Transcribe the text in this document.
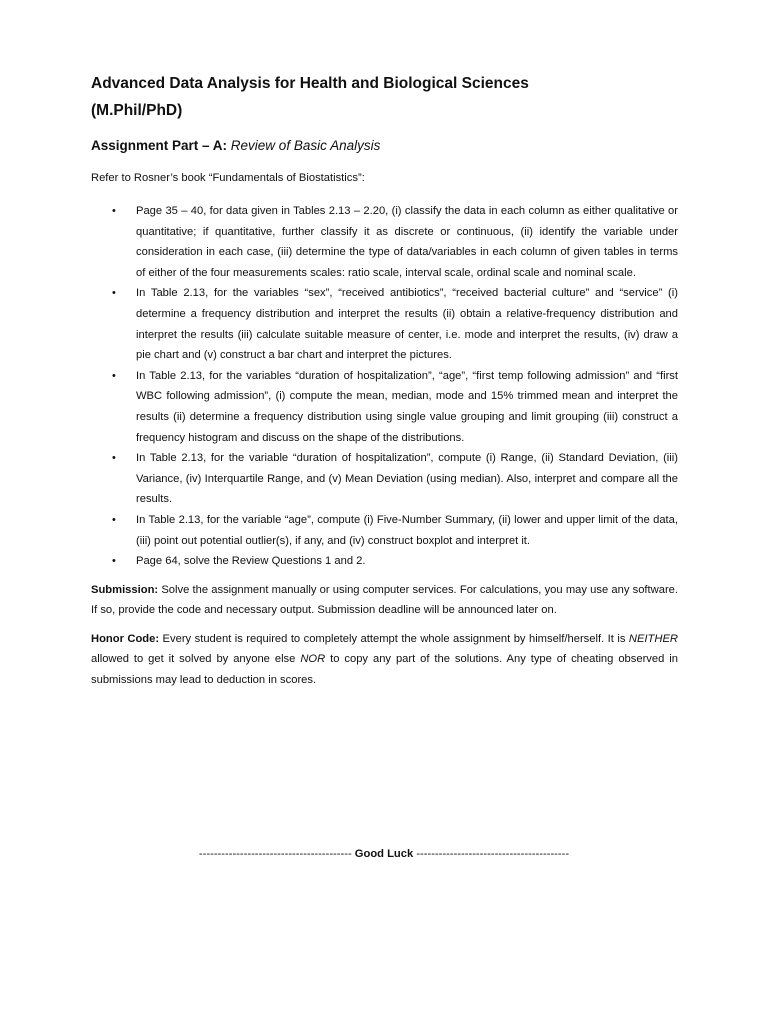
Advanced Data Analysis for Health and Biological Sciences
(M.Phil/PhD)

Assignment Part – A: Review of Basic Analysis

Refer to Rosner’s book “Fundamentals of Biostatistics”:

• Page 35 – 40, for data given in Tables 2.13 – 2.20, (i) classify the data in each column as either qualitative or quantitative; if quantitative, further classify it as discrete or continuous, (ii) identify the variable under consideration in each case, (iii) determine the type of data/variables in each column of given tables in terms of either of the four measurements scales: ratio scale, interval scale, ordinal scale and nominal scale.
• In Table 2.13, for the variables “sex”, “received antibiotics”, “received bacterial culture” and “service” (i) determine a frequency distribution and interpret the results (ii) obtain a relative-frequency distribution and interpret the results (iii) calculate suitable measure of center, i.e. mode and interpret the results, (iv) draw a pie chart and (v) construct a bar chart and interpret the pictures.
• In Table 2.13, for the variables “duration of hospitalization”, “age”, “first temp following admission” and “first WBC following admission”, (i) compute the mean, median, mode and 15% trimmed mean and interpret the results (ii) determine a frequency distribution using single value grouping and limit grouping (iii) construct a frequency histogram and discuss on the shape of the distributions.
• In Table 2.13, for the variable “duration of hospitalization”, compute (i) Range, (ii) Standard Deviation, (iii) Variance, (iv) Interquartile Range, and (v) Mean Deviation (using median). Also, interpret and compare all the results.
• In Table 2.13, for the variable “age”, compute (i) Five-Number Summary, (ii) lower and upper limit of the data, (iii) point out potential outlier(s), if any, and (iv) construct boxplot and interpret it.
• Page 64, solve the Review Questions 1 and 2.

Submission: Solve the assignment manually or using computer services. For calculations, you may use any software. If so, provide the code and necessary output. Submission deadline will be announced later on.

Honor Code: Every student is required to completely attempt the whole assignment by himself/herself. It is NEITHER allowed to get it solved by anyone else NOR to copy any part of the solutions. Any type of cheating observed in submissions may lead to deduction in scores.

----------------------------------------- Good Luck -----------------------------------------
